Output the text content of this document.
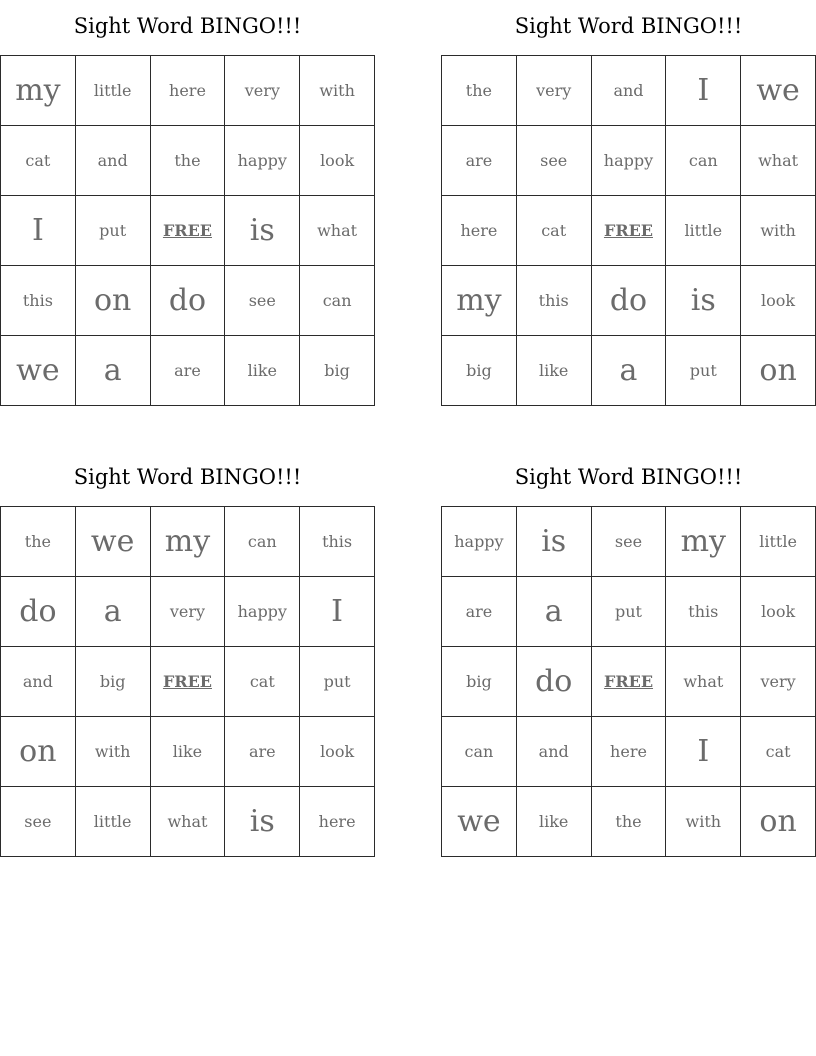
Sight Word BINGO!!!
my	little	here	very	with
cat	and	the	happy	look
I	put	FREE	is	what
this	on	do	see	can
we	a	are	like	big
Sight Word BINGO!!!
the	very	and	I	we
are	see	happy	can	what
here	cat	FREE	little	with
my	this	do	is	look
big	like	a	put	on
Sight Word BINGO!!!
the	we	my	can	this
do	a	very	happy	I
and	big	FREE	cat	put
on	with	like	are	look
see	little	what	is	here
Sight Word BINGO!!!
happy	is	see	my	little
are	a	put	this	look
big	do	FREE	what	very
can	and	here	I	cat
we	like	the	with	on
